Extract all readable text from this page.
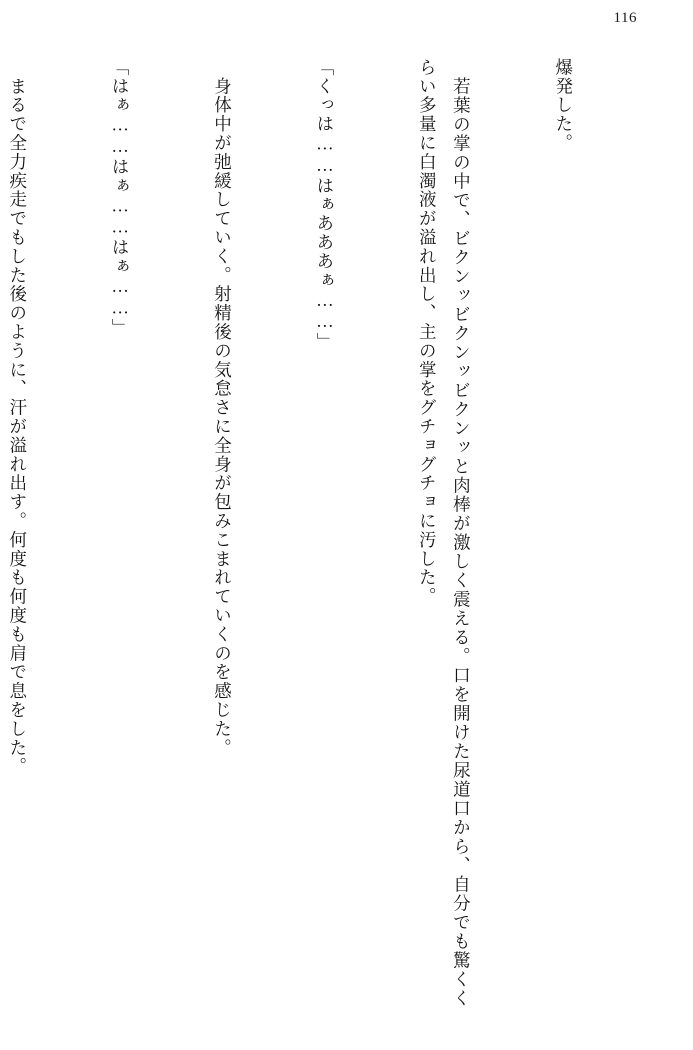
116

爆発した。

　若葉の掌の中で、ビクンッビクンッビクンッと肉棒が激しく震える。口を開けた尿道口から、自分でも驚くくらい多量に白濁液が溢れ出し、主の掌をグチョグチョに汚した。

「くっは……はぁあああぁ……」

　身体中が弛緩していく。射精後の気怠さに全身が包みこまれていくのを感じた。

「はぁ……はぁ……はぁ……」

　まるで全力疾走でもした後のように、汗が溢れ出す。何度も何度も肩で息をした。
